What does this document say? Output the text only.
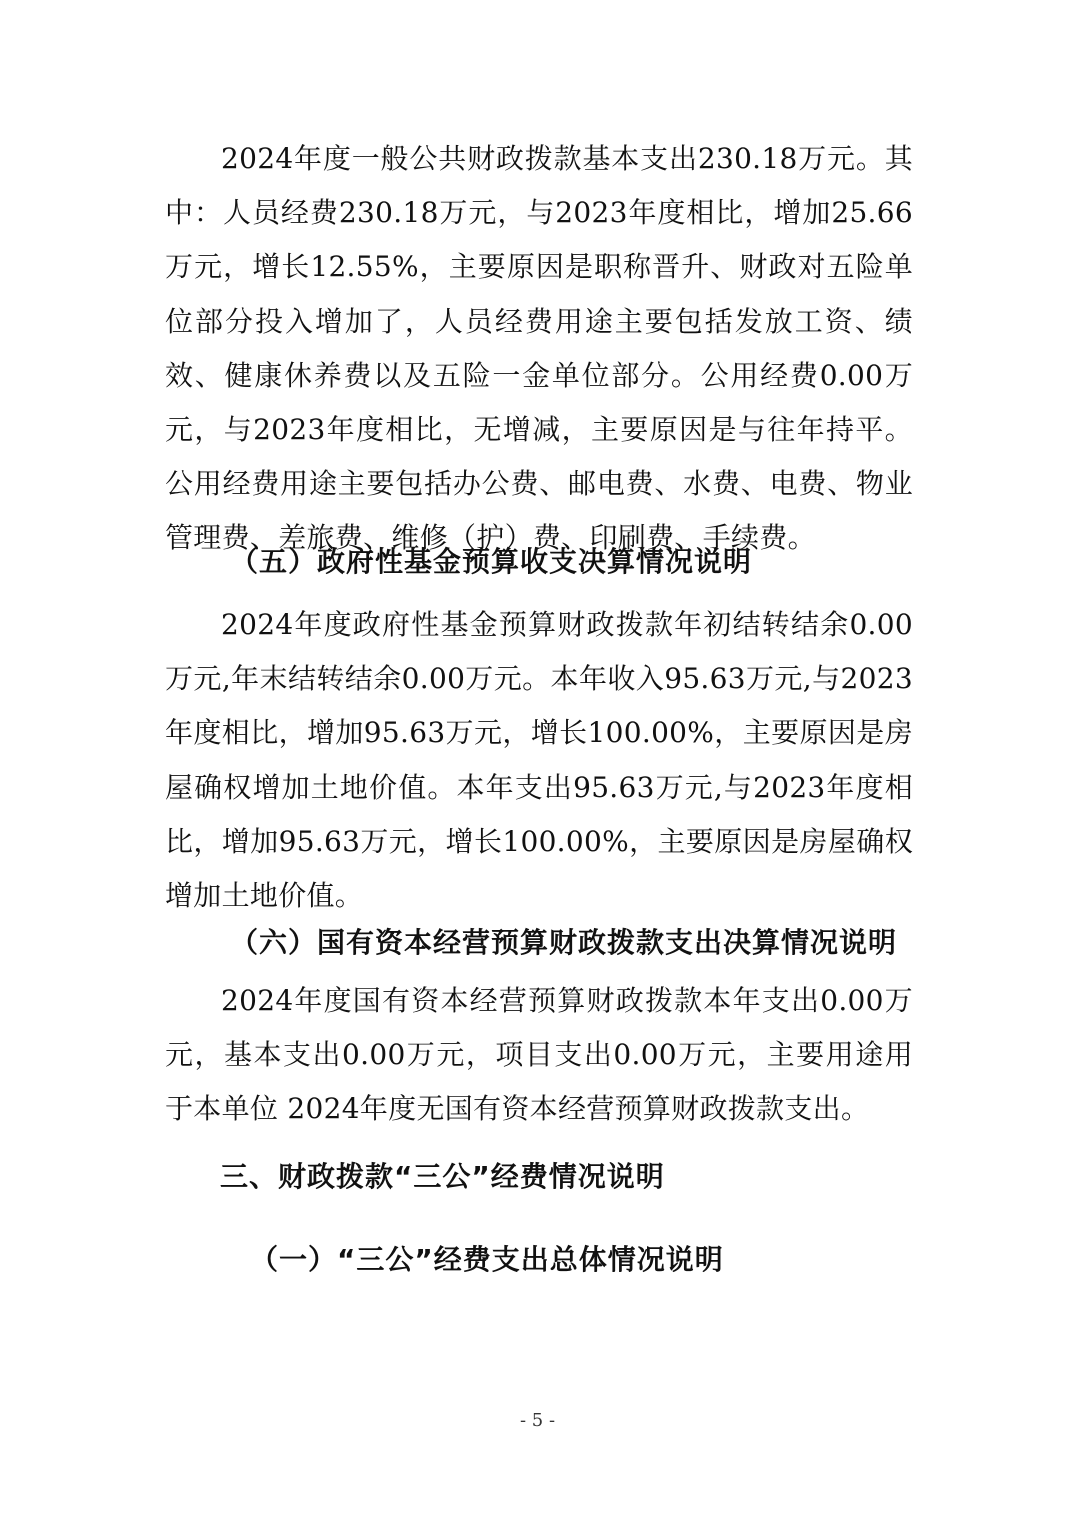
2024年度一般公共财政拨款基本支出230.18万元。其中：人员经费230.18万元，与2023年度相比，增加25.66万元，增长12.55%，主要原因是职称晋升、财政对五险单位部分投入增加了，人员经费用途主要包括发放工资、绩效、健康休养费以及五险一金单位部分。公用经费0.00万元，与2023年度相比，无增减，主要原因是与往年持平。公用经费用途主要包括办公费、邮电费、水费、电费、物业管理费、差旅费、维修（护）费、印刷费、手续费。

（五）政府性基金预算收支决算情况说明

2024年度政府性基金预算财政拨款年初结转结余0.00万元,年末结转结余0.00万元。本年收入95.63万元,与2023年度相比，增加95.63万元，增长100.00%，主要原因是房屋确权增加土地价值。本年支出95.63万元,与2023年度相比，增加95.63万元，增长100.00%，主要原因是房屋确权增加土地价值。

（六）国有资本经营预算财政拨款支出决算情况说明

2024年度国有资本经营预算财政拨款本年支出0.00万元，基本支出0.00万元，项目支出0.00万元，主要用途用于本单位 2024年度无国有资本经营预算财政拨款支出。

三、财政拨款“三公”经费情况说明
（一）“三公”经费支出总体情况说明
- 5 -
